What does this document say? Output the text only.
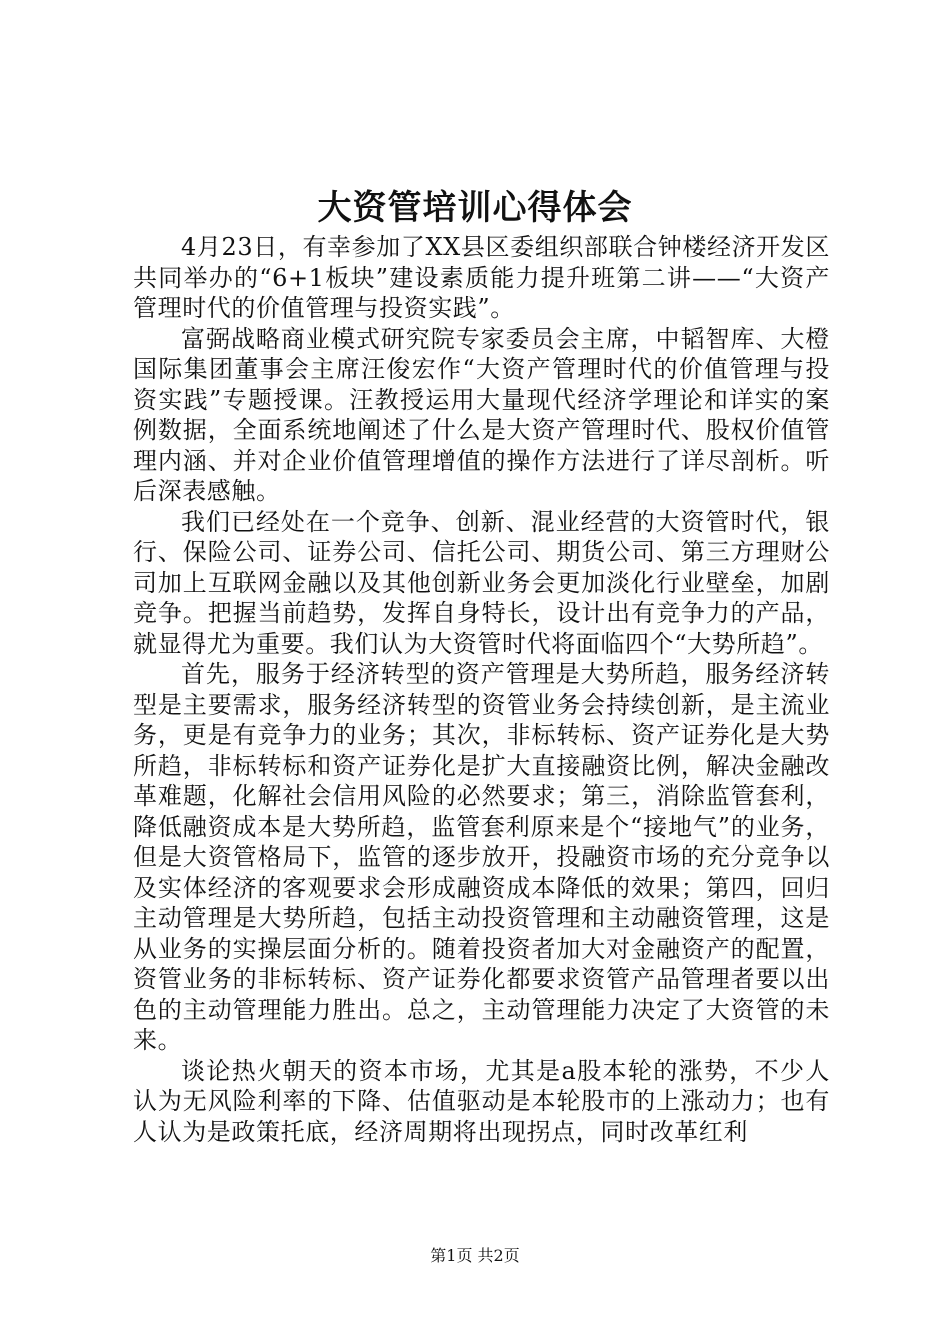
大资管培训心得体会

4月23日，有幸参加了XX县区委组织部联合钟楼经济开发区共同举办的“6+1板块”建设素质能力提升班第二讲——“大资产管理时代的价值管理与投资实践”。

富弼战略商业模式研究院专家委员会主席，中韬智库、大橙国际集团董事会主席汪俊宏作“大资产管理时代的价值管理与投资实践”专题授课。汪教授运用大量现代经济学理论和详实的案例数据，全面系统地阐述了什么是大资产管理时代、股权价值管理内涵、并对企业价值管理增值的操作方法进行了详尽剖析。听后深表感触。

我们已经处在一个竞争、创新、混业经营的大资管时代，银行、保险公司、证券公司、信托公司、期货公司、第三方理财公司加上互联网金融以及其他创新业务会更加淡化行业壁垒，加剧竞争。把握当前趋势，发挥自身特长，设计出有竞争力的产品，就显得尤为重要。我们认为大资管时代将面临四个“大势所趋”。

首先，服务于经济转型的资产管理是大势所趋，服务经济转型是主要需求，服务经济转型的资管业务会持续创新，是主流业务，更是有竞争力的业务；其次，非标转标、资产证券化是大势所趋，非标转标和资产证券化是扩大直接融资比例，解决金融改革难题，化解社会信用风险的必然要求；第三，消除监管套利，降低融资成本是大势所趋，监管套利原来是个“接地气”的业务，但是大资管格局下，监管的逐步放开，投融资市场的充分竞争以及实体经济的客观要求会形成融资成本降低的效果；第四，回归主动管理是大势所趋，包括主动投资管理和主动融资管理，这是从业务的实操层面分析的。随着投资者加大对金融资产的配置，资管业务的非标转标、资产证券化都要求资管产品管理者要以出色的主动管理能力胜出。总之，主动管理能力决定了大资管的未来。

谈论热火朝天的资本市场，尤其是a股本轮的涨势，不少人认为无风险利率的下降、估值驱动是本轮股市的上涨动力；也有人认为是政策托底，经济周期将出现拐点，同时改革红利

第1页 共2页
